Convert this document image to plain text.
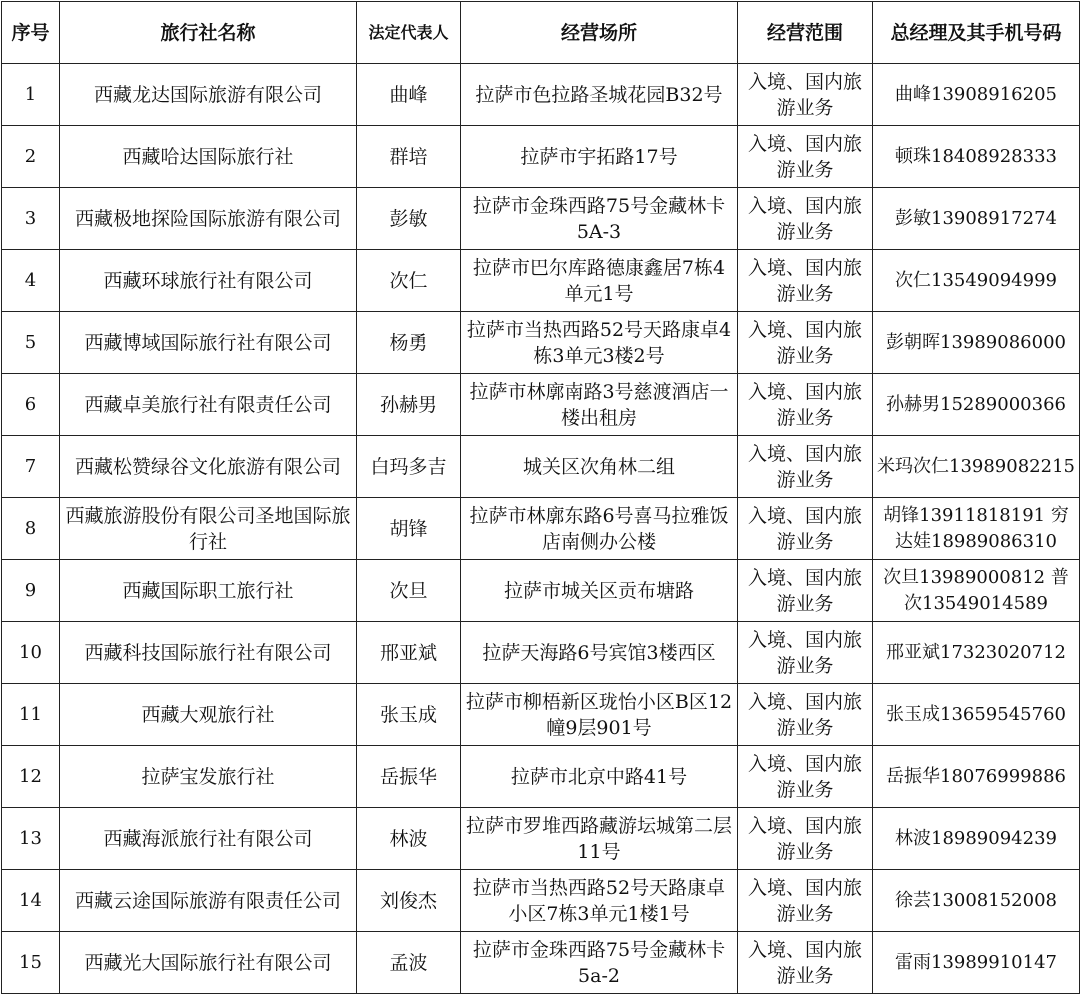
序号	旅行社名称	法定代表人	经营场所	经营范围	总经理及其手机号码
1	西藏龙达国际旅游有限公司	曲峰	拉萨市色拉路圣城花园B32号	入境、国内旅游业务	曲峰13908916205
2	西藏哈达国际旅行社	群培	拉萨市宇拓路17号	入境、国内旅游业务	顿珠18408928333
3	西藏极地探险国际旅游有限公司	彭敏	拉萨市金珠西路75号金藏林卡5A-3	入境、国内旅游业务	彭敏13908917274
4	西藏环球旅行社有限公司	次仁	拉萨市巴尔库路德康鑫居7栋4单元1号	入境、国内旅游业务	次仁13549094999
5	西藏博域国际旅行社有限公司	杨勇	拉萨市当热西路52号天路康卓4栋3单元3楼2号	入境、国内旅游业务	彭朝晖13989086000
6	西藏卓美旅行社有限责任公司	孙赫男	拉萨市林廓南路3号慈渡酒店一楼出租房	入境、国内旅游业务	孙赫男15289000366
7	西藏松赞绿谷文化旅游有限公司	白玛多吉	城关区次角林二组	入境、国内旅游业务	米玛次仁13989082215
8	西藏旅游股份有限公司圣地国际旅行社	胡锋	拉萨市林廓东路6号喜马拉雅饭店南侧办公楼	入境、国内旅游业务	胡锋13911818191 穷达娃18989086310
9	西藏国际职工旅行社	次旦	拉萨市城关区贡布塘路	入境、国内旅游业务	次旦13989000812 普次13549014589
10	西藏科技国际旅行社有限公司	邢亚斌	拉萨天海路6号宾馆3楼西区	入境、国内旅游业务	邢亚斌17323020712
11	西藏大观旅行社	张玉成	拉萨市柳梧新区珑怡小区B区12幢9层901号	入境、国内旅游业务	张玉成13659545760
12	拉萨宝发旅行社	岳振华	拉萨市北京中路41号	入境、国内旅游业务	岳振华18076999886
13	西藏海派旅行社有限公司	林波	拉萨市罗堆西路藏游坛城第二层11号	入境、国内旅游业务	林波18989094239
14	西藏云途国际旅游有限责任公司	刘俊杰	拉萨市当热西路52号天路康卓小区7栋3单元1楼1号	入境、国内旅游业务	徐芸13008152008
15	西藏光大国际旅行社有限公司	孟波	拉萨市金珠西路75号金藏林卡5a-2	入境、国内旅游业务	雷雨13989910147
